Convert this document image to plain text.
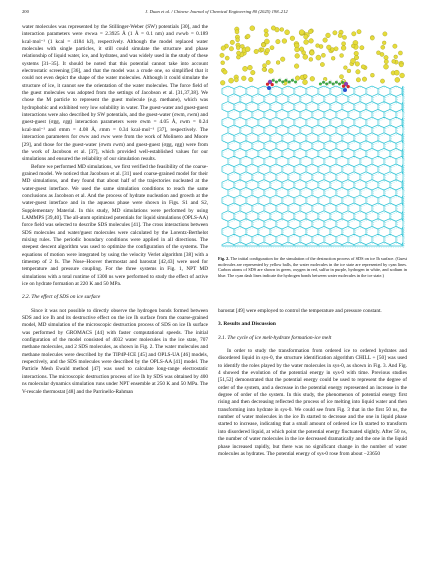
200	J. Duan et al. / Chinese Journal of Chemical Engineering 80 (2025) 198–212

water molecules was represented by the Stillinger-Weber (SW) potentials [30], and the interaction parameters were σwwa = 2.3925 Å (1 Å = 0.1 nm) and εwwb = 0.189 kcal·mol⁻¹ (1 kcal = 4184 kJ), respectively. Although the model replaced water molecules with single particles, it still could simulate the structure and phase relationship of liquid water, ice, and hydrates, and was widely used in the study of these systems [31–35]. It should be noted that this potential cannot take into account electrostatic screening [36], and that the model was a crude one, so simplified that it could not even depict the shape of the water molecules. Although it could simulate the structure of ice, it cannot see the orientation of the water molecules. The force field of the guest molecules was adopted from the settings of Jacobson et al. [31,37,38]. We chose the M particle to represent the guest molecule (e.g. methane), which was hydrophobic and exhibited very low solubility in water. The guest-water and guest-guest interactions were also described by SW potentials, and the guest-water (σwm, εwm) and guest-guest (σgg, εgg) interaction parameters were σwm = 4.05 Å, εwm = 0.24 kcal·mol⁻¹ and σmm = 4.08 Å, εmm = 0.34 kcal·mol⁻¹ [37], respectively. The interaction parameters for σww and εww were from the work of Molinero and Moore [29], and those for the guest-water (σwm εwm) and guest-guest (σgg, εgg) were from the work of Jacobson et al. [37], which provided well-established values for our simulations and ensured the reliability of our simulation results.

Before we performed MD simulations, we first verified the feasibility of the coarse-grained model. We noticed that Jacobson et al. [31] used coarse-grained model for their MD simulations, and they found that about half of the trajectories nucleated at the water-guest interface. We used the same simulation conditions to reach the same conclusions as Jacobson et al. And the process of hydrate nucleation and growth at the water-guest interface and in the aqueous phase were shown in Figs. S1 and S2, Supplementary Material. In this study, MD simulations were performed by using LAMMPS [39,40]. The all-atom optimized potentials for liquid simulations (OPLS-AA) force field was selected to describe SDS molecules [41]. The cross interactions between SDS molecules and water/guest molecules were calculated by the Lorentz-Berthelot mixing rules. The periodic boundary conditions were applied in all directions. The steepest descent algorithm was used to optimize the configuration of the systems. The equations of motion were integrated by using the velocity Verlet algorithm [38] with a timestep of 2 fs. The Nose–Hoover thermostat and barostat [42,43] were used for temperature and pressure coupling. For the three systems in Fig. 1, NPT MD simulations with a total runtime of 1300 ns were performed to study the effect of active ice on hydrate formation at 220 K and 50 MPa.

2.2. The effect of SDS on ice surface

Since it was not possible to directly observe the hydrogen bonds formed between SDS and ice Ih and its destructive effect on the ice Ih surface from the coarse-grained model, MD simulation of the microscopic destruction process of SDS on ice Ih surface was performed by GROMACS [44] with faster computational speeds. The initial configuration of the model consisted of 4032 water molecules in the ice state, 707 methane molecules, and 2 SDS molecules, as shown in Fig. 2. The water molecules and methane molecules were described by the TIP4P-ICE [45] and OPLS-UA [46] models, respectively, and the SDS molecules were described by the OPLS-AA [41] model. The Particle Mesh Ewald method [47] was used to calculate long-range electrostatic interactions. The microscopic destruction process of ice Ih by SDS was obtained by 400 ns molecular dynamics simulation runs under NPT ensemble at 250 K and 50 MPa. The V-rescale thermostat [48] and the Parrinello-Rahman

Fig. 2. The initial configuration for the simulation of the destruction process of SDS on ice Ih surface. (Guest molecules are represented by yellow balls, the water molecules in the ice state are represented by cyan lines. Carbon atoms of SDS are shown in green, oxygen in red, sulfur in purple, hydrogen in white, and sodium in blue. The cyan dash lines indicate the hydrogen bonds between water molecules in the ice state.)

barostat [49] were employed to control the temperature and pressure constant.

3. Results and Discussion
3.1. The cycle of ice melt-hydrate formation-ice melt

In order to study the transformation from ordered ice to ordered hydrates and disordered liquid in sys-0, the structure identification algorithm CHILL + [50] was used to identify the roles played by the water molecules in sys-0, as shown in Fig. 3. And Fig. 4 showed the evolution of the potential energy in sys-0 with time. Previous studies [51,52] demonstrated that the potential energy could be used to represent the degree of order of the system, and a decrease in the potential energy represented an increase in the degree of order of the system. In this study, the phenomenon of potential energy first rising and then decreasing reflected the process of ice melting into liquid water and then transforming into hydrate in sys-0. We could see from Fig. 3 that in the first 50 ns, the number of water molecules in the ice Ih started to decrease and the one in liquid phase started to increase, indicating that a small amount of ordered ice Ih started to transform into disordered liquid, at which point the potential energy fluctuated slightly. After 50 ns, the number of water molecules in the ice decreased dramatically and the one in the liquid phase increased rapidly, but there was no significant change in the number of water molecules as hydrates. The potential energy of sys-0 rose from about −23650
